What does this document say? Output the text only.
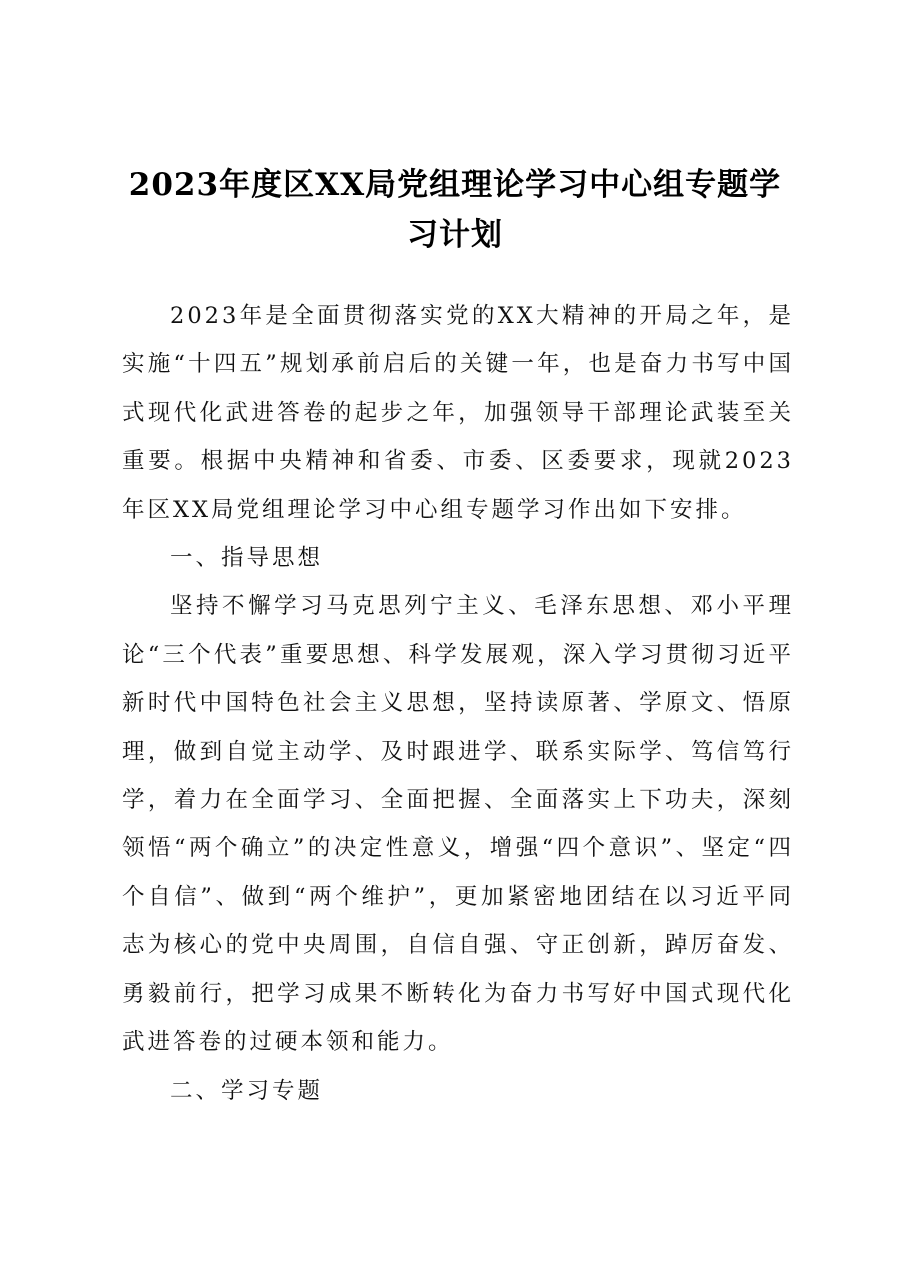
2023年度区XX局党组理论学习中心组专题学
习计划

2023年是全面贯彻落实党的XX大精神的开局之年，是实施“十四五”规划承前启后的关键一年，也是奋力书写中国式现代化武进答卷的起步之年，加强领导干部理论武装至关重要。根据中央精神和省委、市委、区委要求，现就2023年区XX局党组理论学习中心组专题学习作出如下安排。

一、指导思想

坚持不懈学习马克思列宁主义、毛泽东思想、邓小平理论“三个代表”重要思想、科学发展观，深入学习贯彻习近平新时代中国特色社会主义思想，坚持读原著、学原文、悟原理，做到自觉主动学、及时跟进学、联系实际学、笃信笃行学，着力在全面学习、全面把握、全面落实上下功夫，深刻领悟“两个确立”的决定性意义，增强“四个意识”、坚定“四个自信”、做到“两个维护”，更加紧密地团结在以习近平同志为核心的党中央周围，自信自强、守正创新，踔厉奋发、勇毅前行，把学习成果不断转化为奋力书写好中国式现代化武进答卷的过硬本领和能力。

二、学习专题
